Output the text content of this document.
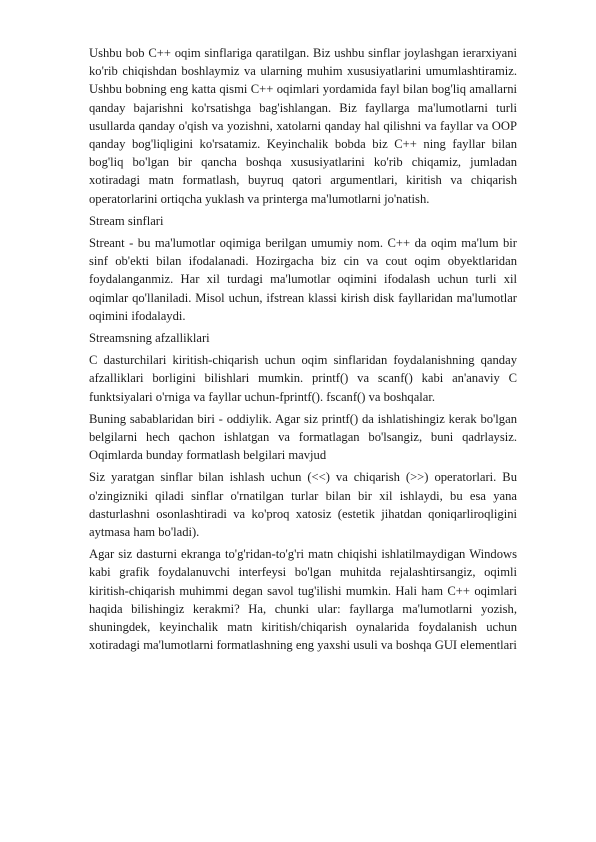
Ushbu bob C++ oqim sinflariga qaratilgan. Biz ushbu sinflar joylashgan ierarxiyani ko'rib chiqishdan boshlaymiz va ularning muhim xususiyatlarini umumlashtiramiz. Ushbu bobning eng katta qismi C++ oqimlari yordamida fayl bilan bog'liq amallarni qanday bajarishni ko'rsatishga bag'ishlangan. Biz fayllarga ma'lumotlarni turli usullarda qanday o'qish va yozishni, xatolarni qanday hal qilishni va fayllar va OOP qanday bog'liqligini ko'rsatamiz. Keyinchalik bobda biz C++ ning fayllar bilan bog'liq bo'lgan bir qancha boshqa xususiyatlarini ko'rib chiqamiz, jumladan xotiradagi matn formatlash, buyruq qatori argumentlari, kiritish va chiqarish operatorlarini ortiqcha yuklash va printerga ma'lumotlarni jo'natish.

Stream sinflari

Streant - bu ma'lumotlar oqimiga berilgan umumiy nom. C++ da oqim ma'lum bir sinf ob'ekti bilan ifodalanadi. Hozirgacha biz cin va cout oqim obyektlaridan foydalanganmiz. Har xil turdagi ma'lumotlar oqimini ifodalash uchun turli xil oqimlar qo'llaniladi. Misol uchun, ifstrean klassi kirish disk fayllaridan ma'lumotlar oqimini ifodalaydi.

Streamsning afzalliklari

C dasturchilari kiritish-chiqarish uchun oqim sinflaridan foydalanishning qanday afzalliklari borligini bilishlari mumkin. printf() va scanf() kabi an'anaviy C funktsiyalari o'rniga va fayllar uchun-fprintf(). fscanf() va boshqalar.

Buning sabablaridan biri - oddiylik. Agar siz printf() da ishlatishingiz kerak bo'lgan belgilarni hech qachon ishlatgan va formatlagan bo'lsangiz, buni qadrlaysiz. Oqimlarda bunday formatlash belgilari mavjud

Siz yaratgan sinflar bilan ishlash uchun (<<) va chiqarish (>>) operatorlari. Bu o'zingizniki qiladi sinflar o'rnatilgan turlar bilan bir xil ishlaydi, bu esa yana dasturlashni osonlashtiradi va ko'proq xatosiz (estetik jihatdan qoniqarliroqligini aytmasa ham bo'ladi).

Agar siz dasturni ekranga to'g'ridan-to'g'ri matn chiqishi ishlatilmaydigan Windows kabi grafik foydalanuvchi interfeysi bo'lgan muhitda rejalashtirsangiz, oqimli kiritish-chiqarish muhimmi degan savol tug'ilishi mumkin. Hali ham C++ oqimlari haqida bilishingiz kerakmi? Ha, chunki ular: fayllarga ma'lumotlarni yozish, shuningdek, keyinchalik matn kiritish/chiqarish oynalarida foydalanish uchun xotiradagi ma'lumotlarni formatlashning eng yaxshi usuli va boshqa GUI elementlari
